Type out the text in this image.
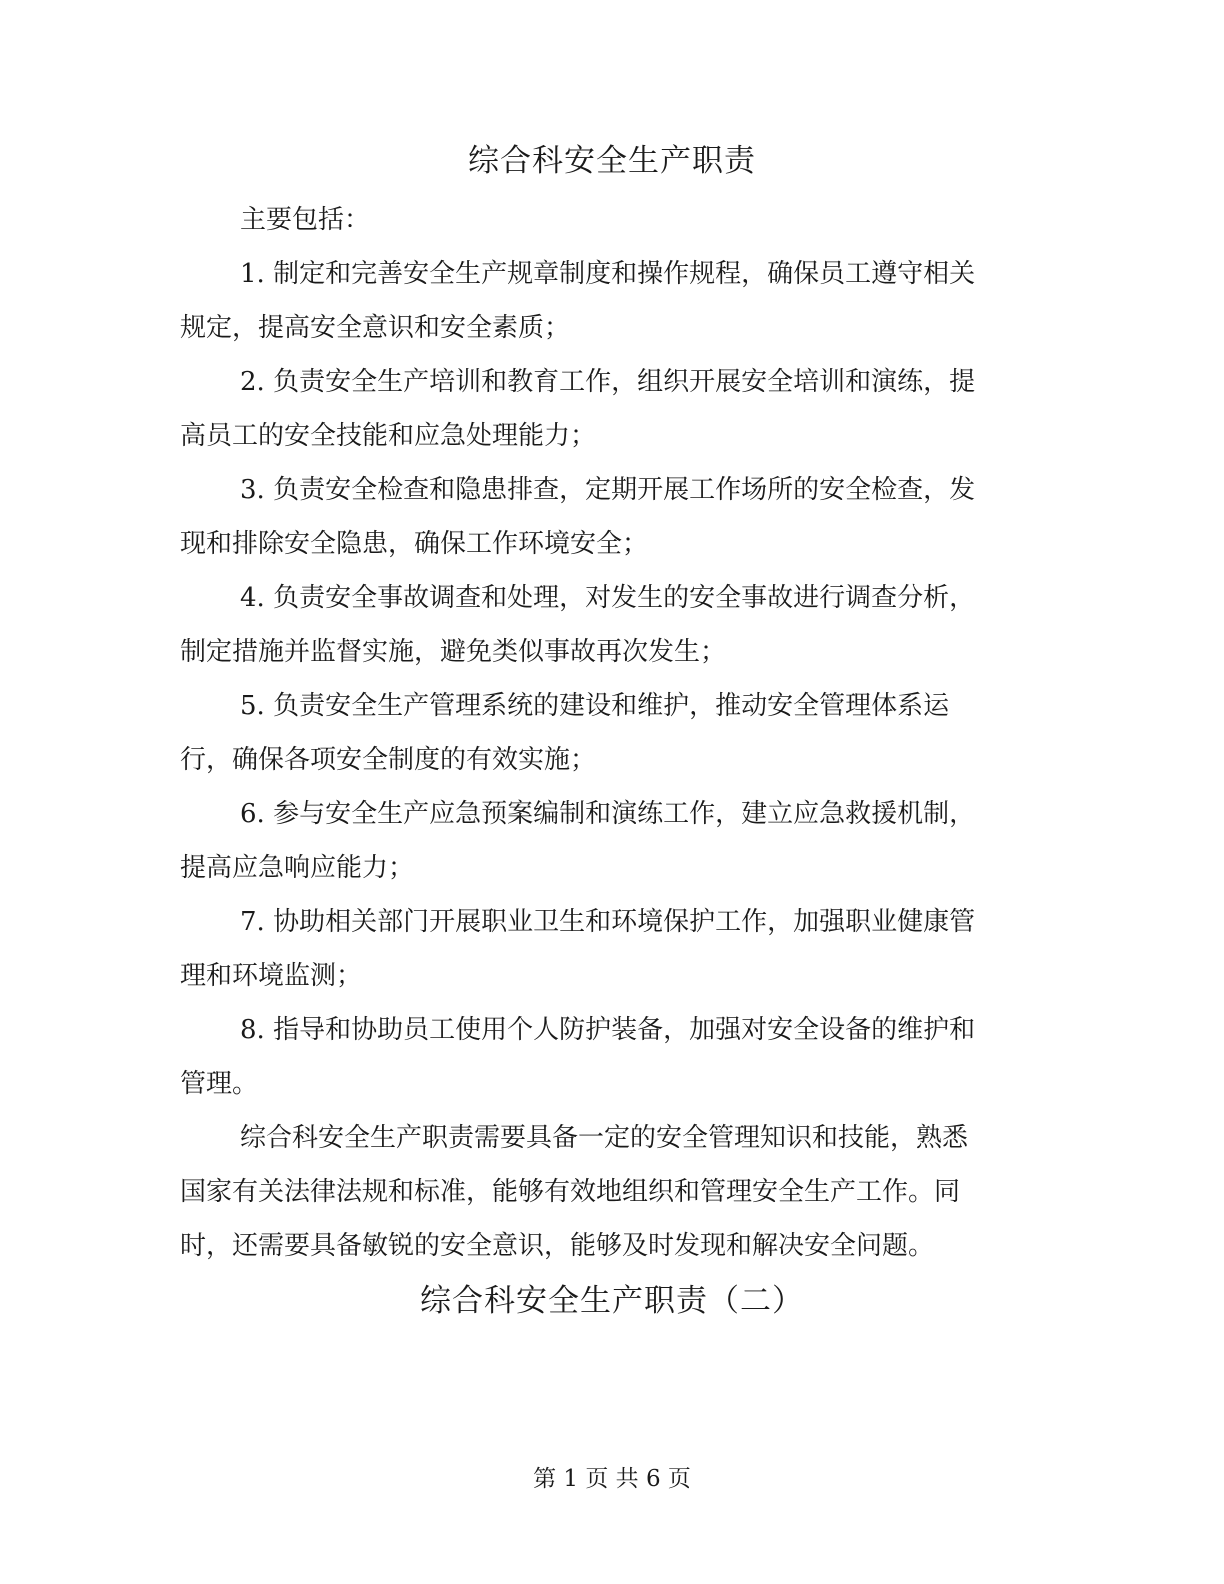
综合科安全生产职责
主要包括：
1. 制定和完善安全生产规章制度和操作规程，确保员工遵守相关
规定，提高安全意识和安全素质；
2. 负责安全生产培训和教育工作，组织开展安全培训和演练，提
高员工的安全技能和应急处理能力；
3. 负责安全检查和隐患排查，定期开展工作场所的安全检查，发
现和排除安全隐患，确保工作环境安全；
4. 负责安全事故调查和处理，对发生的安全事故进行调查分析，
制定措施并监督实施，避免类似事故再次发生；
5. 负责安全生产管理系统的建设和维护，推动安全管理体系运
行，确保各项安全制度的有效实施；
6. 参与安全生产应急预案编制和演练工作，建立应急救援机制，
提高应急响应能力；
7. 协助相关部门开展职业卫生和环境保护工作，加强职业健康管
理和环境监测；
8. 指导和协助员工使用个人防护装备，加强对安全设备的维护和
管理。
综合科安全生产职责需要具备一定的安全管理知识和技能，熟悉
国家有关法律法规和标准，能够有效地组织和管理安全生产工作。同
时，还需要具备敏锐的安全意识，能够及时发现和解决安全问题。
综合科安全生产职责（二）
第 1 页 共 6 页
